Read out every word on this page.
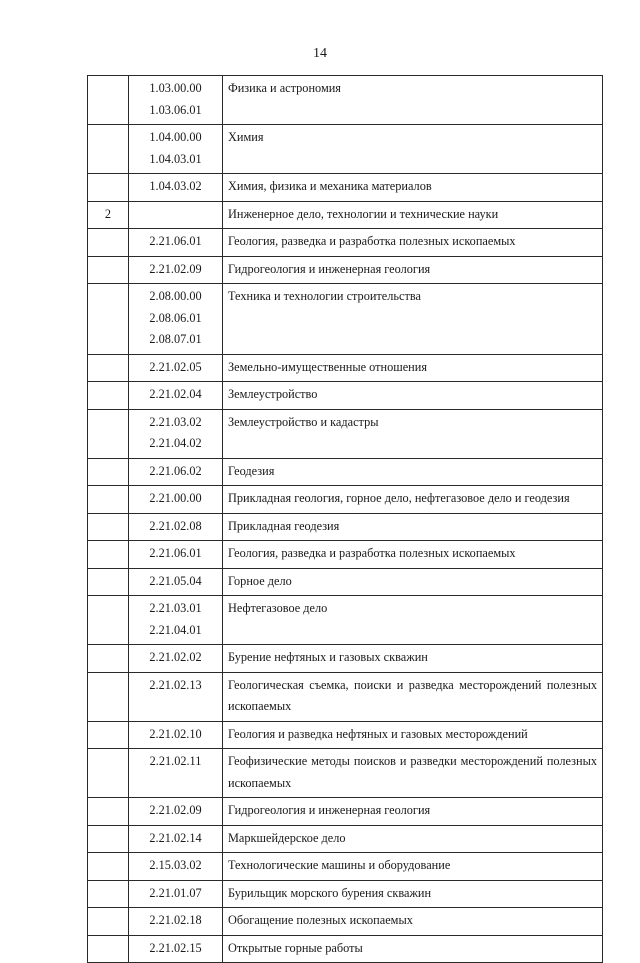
14

	1.03.00.00
1.03.06.01	Физика и астрономия

	1.04.00.00
1.04.03.01	Химия

	1.04.03.02	Химия, физика и механика материалов
2		Инженерное дело, технологии и технические науки

	2.21.06.01	Геология, разведка и разработка полезных ископаемых

	2.21.02.09	Гидрогеология и инженерная геология

	2.08.00.00
2.08.06.01
2.08.07.01	Техника и технологии строительства

	2.21.02.05	Земельно-имущественные отношения

	2.21.02.04	Землеустройство

	2.21.03.02
2.21.04.02	Землеустройство и кадастры

	2.21.06.02	Геодезия

	2.21.00.00	Прикладная геология, горное дело, нефтегазовое дело и геодезия

	2.21.02.08	Прикладная геодезия

	2.21.06.01	Геология, разведка и разработка полезных ископаемых

	2.21.05.04	Горное дело

	2.21.03.01
2.21.04.01	Нефтегазовое дело

	2.21.02.02	Бурение нефтяных и газовых скважин

	2.21.02.13	Геологическая съемка, поиски и разведка месторождений полезных ископаемых

	2.21.02.10	Геология и разведка нефтяных и газовых месторождений

	2.21.02.11	Геофизические методы поисков и разведки месторождений полезных ископаемых

	2.21.02.09	Гидрогеология и инженерная геология

	2.21.02.14	Маркшейдерское дело

	2.15.03.02	Технологические машины и оборудование

	2.21.01.07	Бурильщик морского бурения скважин

	2.21.02.18	Обогащение полезных ископаемых

	2.21.02.15	Открытые горные работы
